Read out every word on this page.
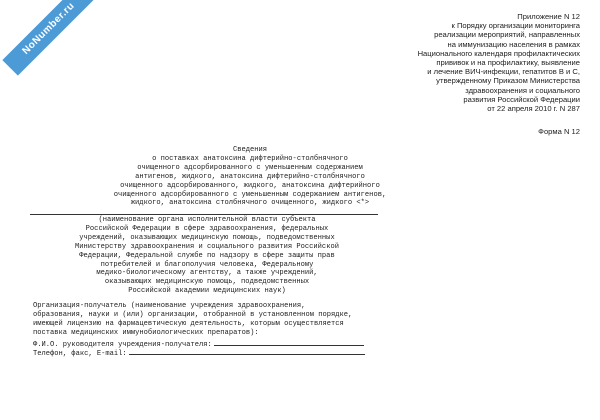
NoNumber.ru	Приложение N 12
к Порядку организации мониторинга
реализации мероприятий, направленных
на иммунизацию населения в рамках
Национального календаря профилактических
прививок и на профилактику, выявление
и лечение ВИЧ-инфекции, гепатитов В и С,
утвержденному Приказом Министерства
здравоохранения и социального
развития Российской Федерации
от 22 апреля 2010 г. N 287
Форма N 12
Сведения
о поставках анатоксина дифтерийно-столбнячного
очищенного адсорбированного с уменьшенным содержанием
антигенов, жидкого, анатоксина дифтерийно-столбнячного
очищенного адсорбированного, жидкого, анатоксина дифтерийного
очищенного адсорбированного с уменьшенным содержанием антигенов,
жидкого, анатоксина столбнячного очищенного, жидкого <*>
(наименование органа исполнительной власти субъекта
Российской Федерации в сфере здравоохранения, федеральных
учреждений, оказывающих медицинскую помощь, подведомственных
Министерству здравоохранения и социального развития Российской
Федерации, Федеральной службе по надзору в сфере защиты прав
потребителей и благополучия человека, Федеральному
медико-биологическому агентству, а также учреждений,
оказывающих медицинскую помощь, подведомственных
Российской академии медицинских наук)
Организация-получатель (наименование учреждения здравоохранения,
образования, науки и (или) организации, отобранной в установленном порядке,
имеющей лицензию на фармацевтическую деятельность, которым осуществляется
поставка медицинских иммунобиологических препаратов):
Ф.И.О. руководителя учреждения-получателя:
Телефон, факс, E-mail:
